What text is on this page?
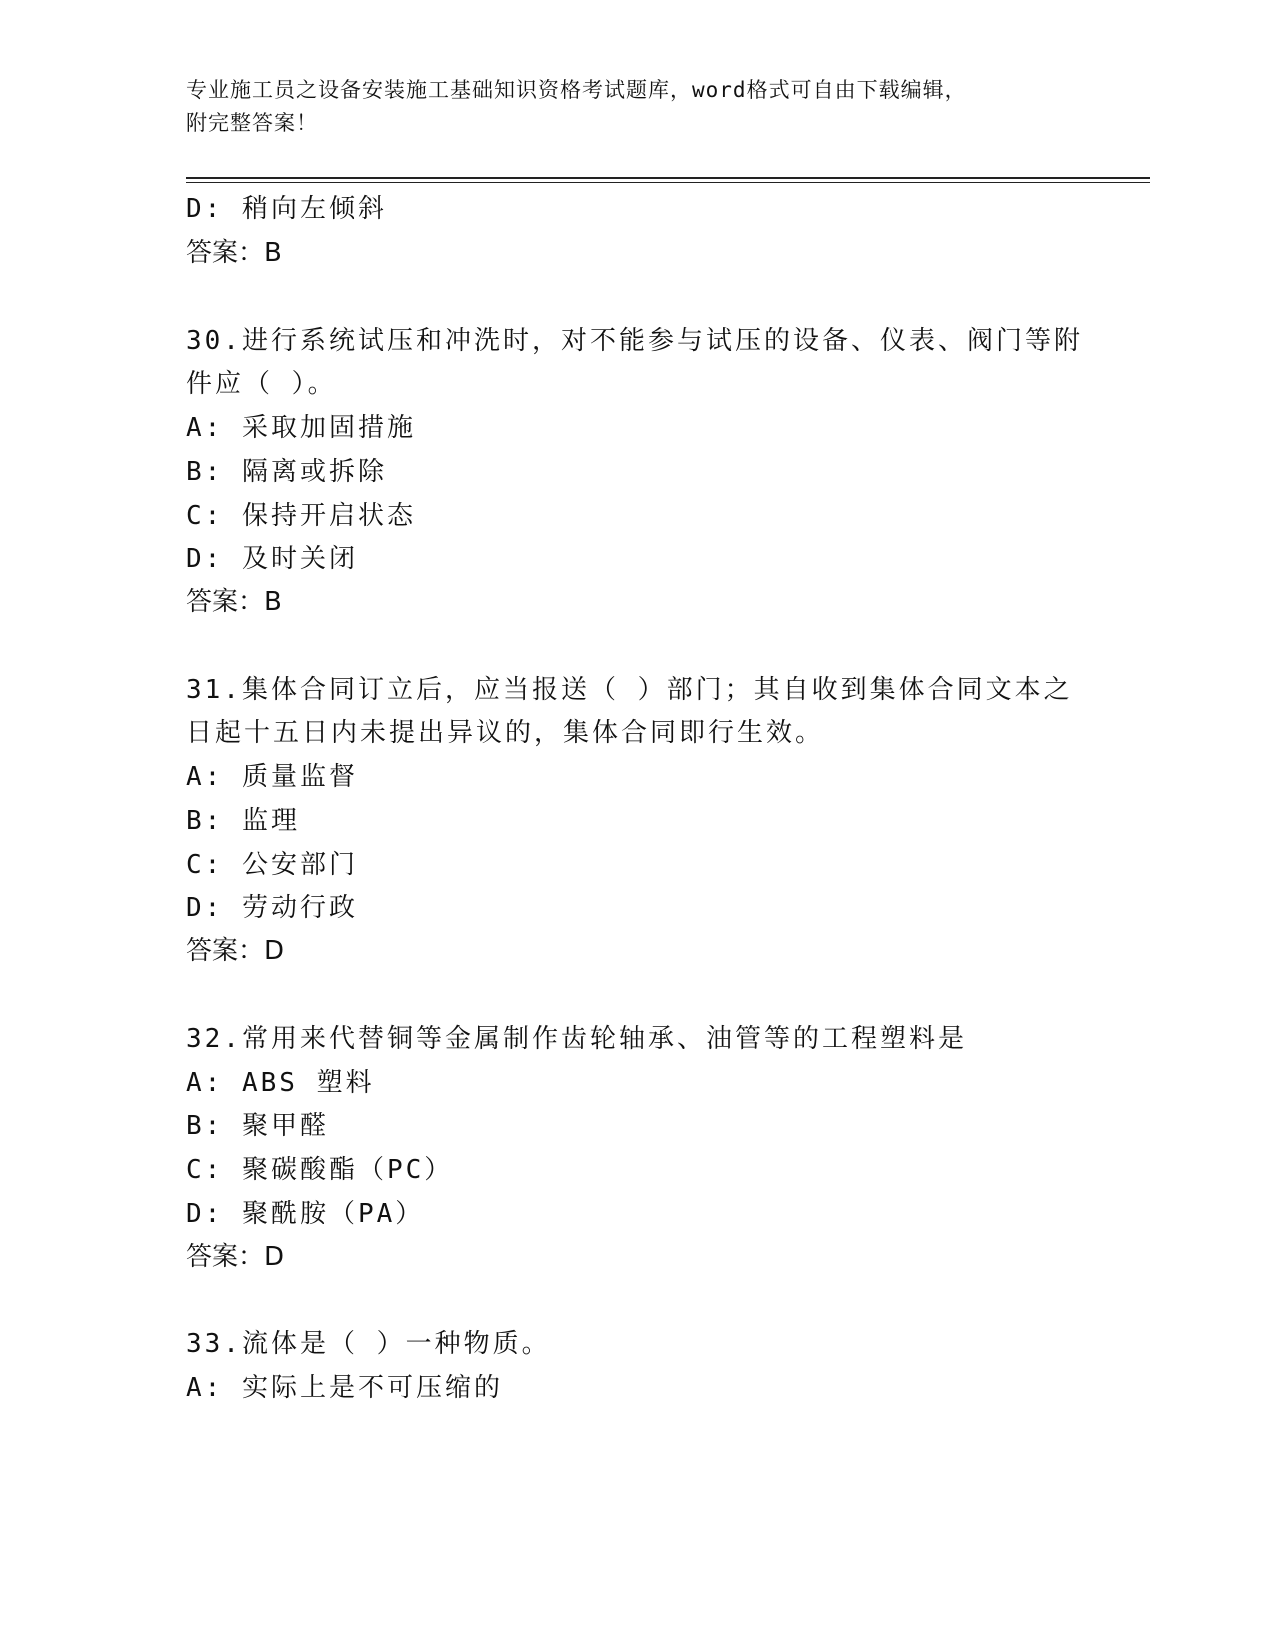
专业施工员之设备安装施工基础知识资格考试题库，word格式可自由下载编辑，
附完整答案！
D: 稍向左倾斜
答案：B
30.进行系统试压和冲洗时，对不能参与试压的设备、仪表、阀门等附
件应（ ）。
A: 采取加固措施
B: 隔离或拆除
C: 保持开启状态
D: 及时关闭
答案：B
31.集体合同订立后，应当报送（ ）部门；其自收到集体合同文本之
日起十五日内未提出异议的，集体合同即行生效。
A: 质量监督
B: 监理
C: 公安部门
D: 劳动行政
答案：D
32.常用来代替铜等金属制作齿轮轴承、油管等的工程塑料是
A: ABS 塑料
B: 聚甲醛
C: 聚碳酸酯（PC）
D: 聚酰胺（PA）
答案：D
33.流体是（ ）一种物质。
A: 实际上是不可压缩的
